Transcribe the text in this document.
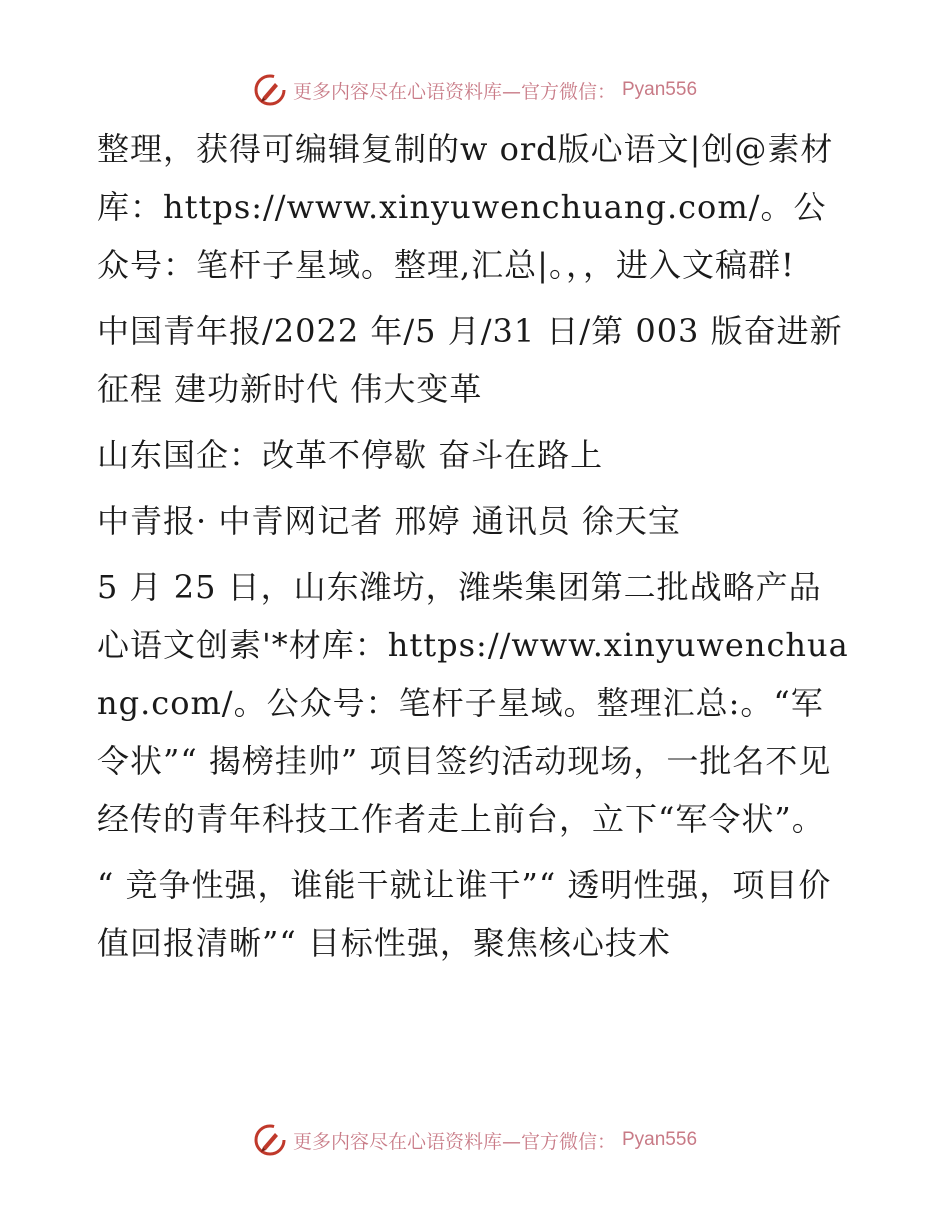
更多内容尽在心语资料库—官方微信： Pyan556

整理，获得可编辑复制的w ord版心语文|创@素材库：https://www.xinyuwenchuang.com/。公众号：笔杆子星域。整理,汇总|。，，进入文稿群!

中国青年报/2022 年/5 月/31 日/第 003 版奋进新征程 建功新时代 伟大变革

山东国企：改革不停歇 奋斗在路上

中青报· 中青网记者 邢婷 通讯员 徐天宝

5 月 25 日，山东潍坊，潍柴集团第二批战略产品心语文创素'*材库：https://www.xinyuwenchuang.com/。公众号：笔杆子星域。整理汇总:。“军令状”“ 揭榜挂帅” 项目签约活动现场，一批名不见经传的青年科技工作者走上前台，立下“军令状”。

“ 竞争性强，谁能干就让谁干”“ 透明性强，项目价值回报清晰”“ 目标性强，聚焦核心技术

更多内容尽在心语资料库—官方微信： Pyan556
